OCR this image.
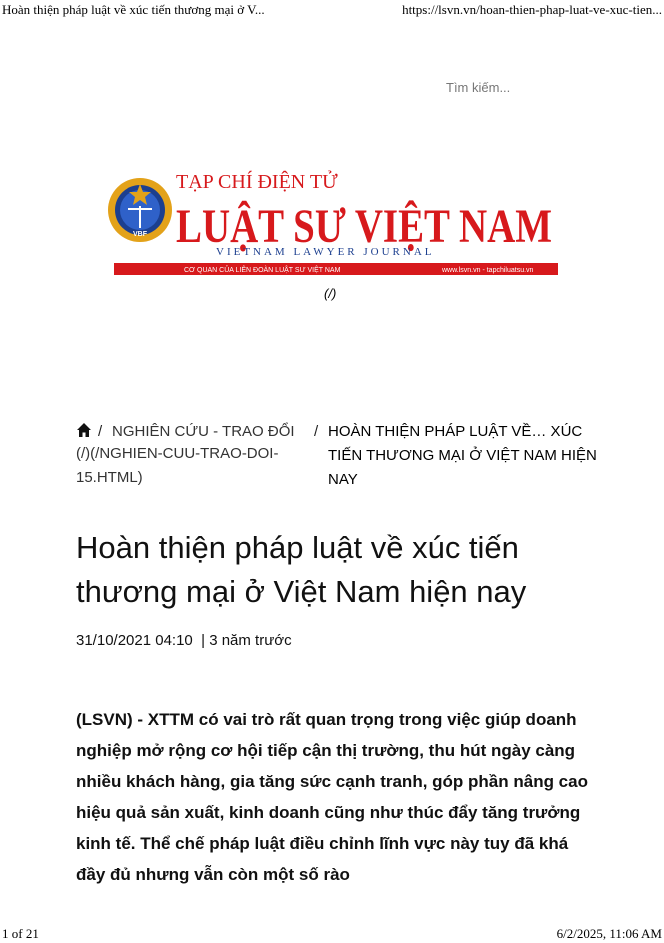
Hoàn thiện pháp luật về xúc tiến thương mại ở V...	https://lsvn.vn/hoan-thien-phap-luat-ve-xuc-tien...
Tìm kiếm...
VBF
TẠP CHÍ ĐIỆN TỬ
LUẬT SƯ VIỆT N
VIETNAM LAWYER JOURNAL
CƠ QUAN CỦA LIÊN ĐOÀN LUẬT SƯ VIỆT NAM	www.lsvn.vn - tapchiluatsu.vn
(/)
/ NGHIÊN CỨU - TRAO ĐỔI
(/)(/NGHIEN-CUU-TRAO-DOI-15.HTML)
/ HOÀN THIỆN PHÁP LUẬT VỀ… XÚC TIẾN THƯƠNG MẠI Ở VIỆT NAM HIỆN NAY
Hoàn thiện pháp luật về xúc tiến thương mại ở Việt Nam hiện nay
31/10/2021 04:10 | 3 năm trước

(LSVN) - XTTM có vai trò rất quan trọng trong việc giúp doanh nghiệp mở rộng cơ hội tiếp cận thị trường, thu hút ngày càng nhiều khách hàng, gia tăng sức cạnh tranh, góp phần nâng cao hiệu quả sản xuất, kinh doanh cũng như thúc đẩy tăng trưởng kinh tế. Thể chế pháp luật điều chỉnh lĩnh vực này tuy đã khá đầy đủ nhưng vẫn còn một số rào

1 of 21	6/2/2025, 11:06 AM
